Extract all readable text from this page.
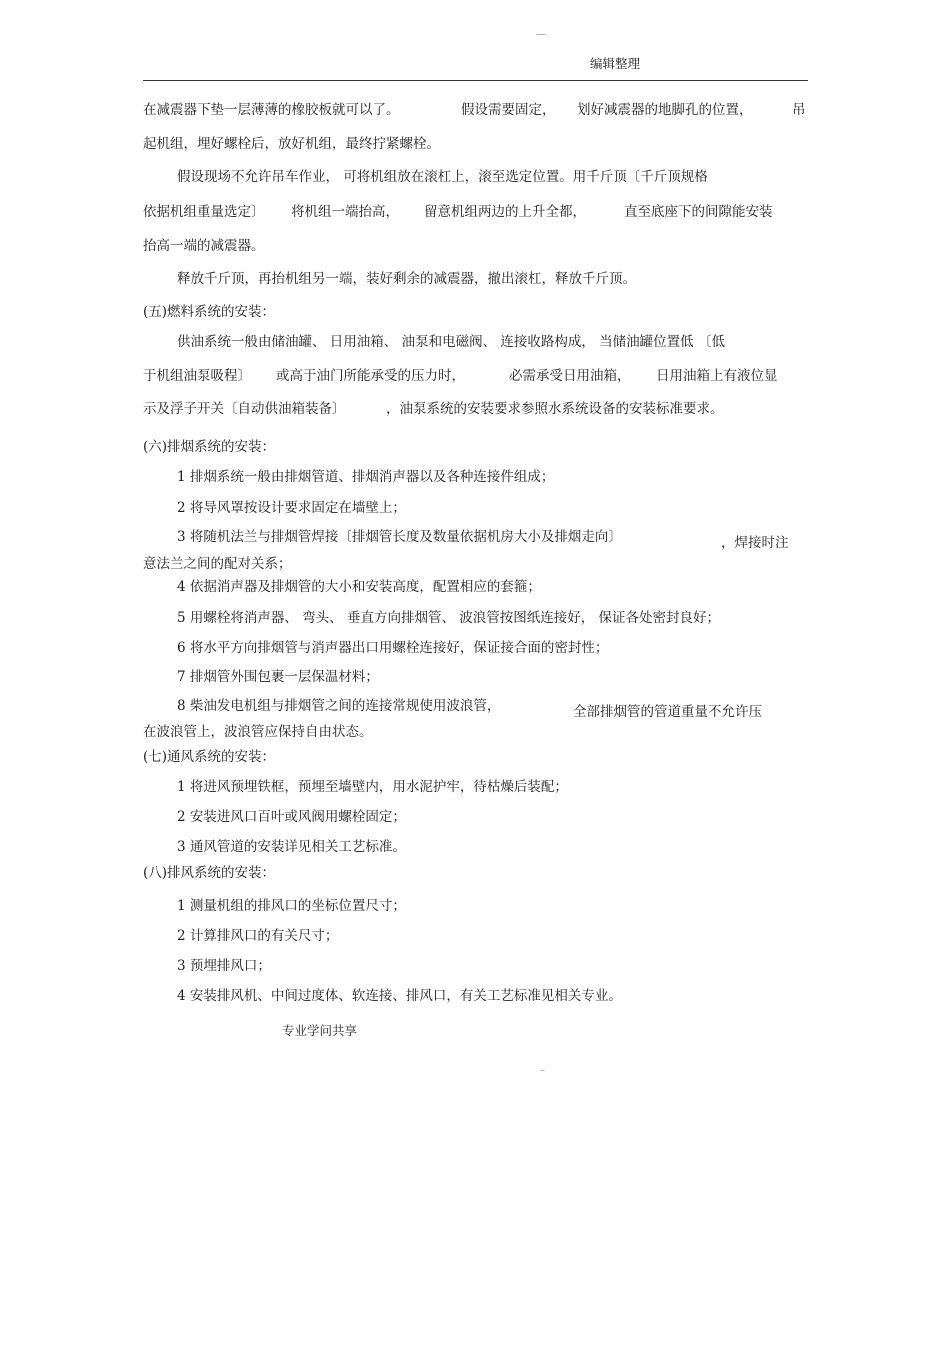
—
编辑整理
在减震器下垫一层薄薄的橡胶板就可以了。	假设需要固定， 划好减震器的地脚孔的位置，	吊
起机组，埋好螺栓后，放好机组，最终拧紧螺栓。
假设现场不允许吊车作业， 可将机组放在滚杠上，滚至选定位置。用千斤顶〔千斤顶规格
依据机组重量选定〕 将机组一端抬高， 留意机组两边的上升全都，	直至底座下的间隙能安装
抬高一端的减震器。
释放千斤顶，再抬机组另一端，装好剩余的减震器，撤出滚杠，释放千斤顶。
(五)燃料系统的安装：
供油系统一般由储油罐、 日用油箱、 油泵和电磁阀、 连接收路构成， 当储油罐位置低 〔低
于机组油泵吸程〕 或高于油门所能承受的压力时，	必需承受日用油箱， 日用油箱上有液位显
示及浮子开关〔自动供油箱装备〕	，油泵系统的安装要求参照水系统设备的安装标准要求。
(六)排烟系统的安装：
1 排烟系统一般由排烟管道、排烟消声器以及各种连接件组成；
2 将导风罩按设计要求固定在墙壁上；
3 将随机法兰与排烟管焊接〔排烟管长度及数量依据机房大小及排烟走向〕	，焊接时注
意法兰之间的配对关系；
4 依据消声器及排烟管的大小和安装高度，配置相应的套箍；
5 用螺栓将消声器、 弯头、 垂直方向排烟管、 波浪管按图纸连接好， 保证各处密封良好；
6 将水平方向排烟管与消声器出口用螺栓连接好，保证接合面的密封性；
7 排烟管外围包裹一层保温材料；
8 柴油发电机组与排烟管之间的连接常规使用波浪管，	全部排烟管的管道重量不允许压
在波浪管上，波浪管应保持自由状态。
(七)通风系统的安装：
1 将进风预埋铁框，预埋至墙壁内，用水泥护牢，待枯燥后装配；
2 安装进风口百叶或风阀用螺栓固定；
3 通风管道的安装详见相关工艺标准。
(八)排风系统的安装：
1 测量机组的排风口的坐标位置尺寸；
2 计算排风口的有关尺寸；
3 预埋排风口；
4 安装排风机、中间过度体、软连接、排风口，有关工艺标准见相关专业。
专业学问共享
–
